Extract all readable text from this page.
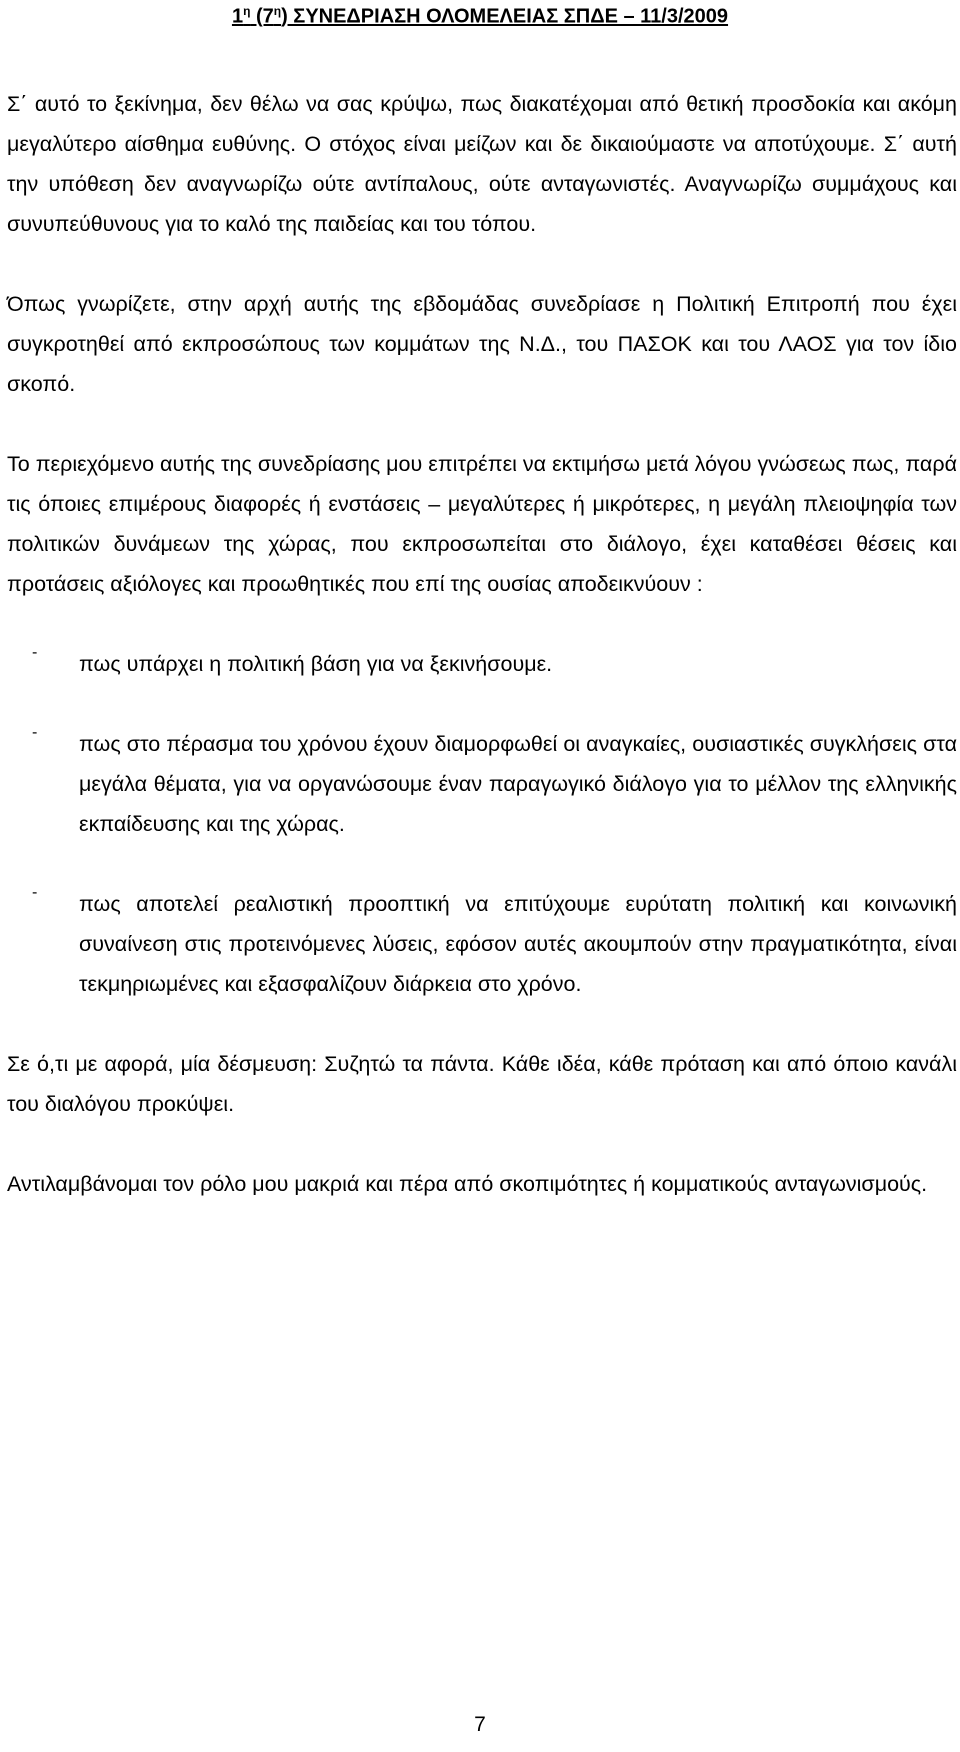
$1^\eta$ $(7^\eta)$ ΣΥΝΕΔΡΙΑΣΗ ΟΛΟΜΕΛΕΙΑΣ ΣΠΔΕ – 11/3/2009

Σ΄ αυτό το ξεκίνημα, δεν θέλω να σας κρύψω, πως διακατέχομαι από θετική προσδοκία και ακόμη μεγαλύτερο αίσθημα ευθύνης. Ο στόχος είναι μείζων και δε δικαιούμαστε να αποτύχουμε. Σ΄ αυτή την υπόθεση δεν αναγνωρίζω ούτε αντίπαλους, ούτε ανταγωνιστές. Αναγνωρίζω συμμάχους και συνυπεύθυνους για το καλό της παιδείας και του τόπου.

Όπως γνωρίζετε, στην αρχή αυτής της εβδομάδας συνεδρίασε η Πολιτική Επιτροπή που έχει συγκροτηθεί από εκπροσώπους των κομμάτων της Ν.Δ., του ΠΑΣΟΚ και του ΛΑΟΣ για τον ίδιο σκοπό.

Το περιεχόμενο αυτής της συνεδρίασης μου επιτρέπει να εκτιμήσω μετά λόγου γνώσεως πως, παρά τις όποιες επιμέρους διαφορές ή ενστάσεις – μεγαλύτερες ή μικρότερες, η μεγάλη πλειοψηφία των πολιτικών δυνάμεων της χώρας, που εκπροσωπείται στο διάλογο, έχει καταθέσει θέσεις και προτάσεις αξιόλογες και προωθητικές που επί της ουσίας αποδεικνύουν :

-	πως υπάρχει η πολιτική βάση για να ξεκινήσουμε.

-	πως στο πέρασμα του χρόνου έχουν διαμορφωθεί οι αναγκαίες, ουσιαστικές συγκλήσεις στα μεγάλα θέματα, για να οργανώσουμε έναν παραγωγικό διάλογο για το μέλλον της ελληνικής εκπαίδευσης και της χώρας.

-	πως αποτελεί ρεαλιστική προοπτική να επιτύχουμε ευρύτατη πολιτική και κοινωνική συναίνεση στις προτεινόμενες λύσεις, εφόσον αυτές ακουμπούν στην πραγματικότητα, είναι τεκμηριωμένες και εξασφαλίζουν διάρκεια στο χρόνο.

Σε ό,τι με αφορά, μία δέσμευση: Συζητώ τα πάντα. Κάθε ιδέα, κάθε πρόταση και από όποιο κανάλι του διαλόγου προκύψει.

Αντιλαμβάνομαι τον ρόλο μου μακριά και πέρα από σκοπιμότητες ή κομματικούς ανταγωνισμούς.

7
